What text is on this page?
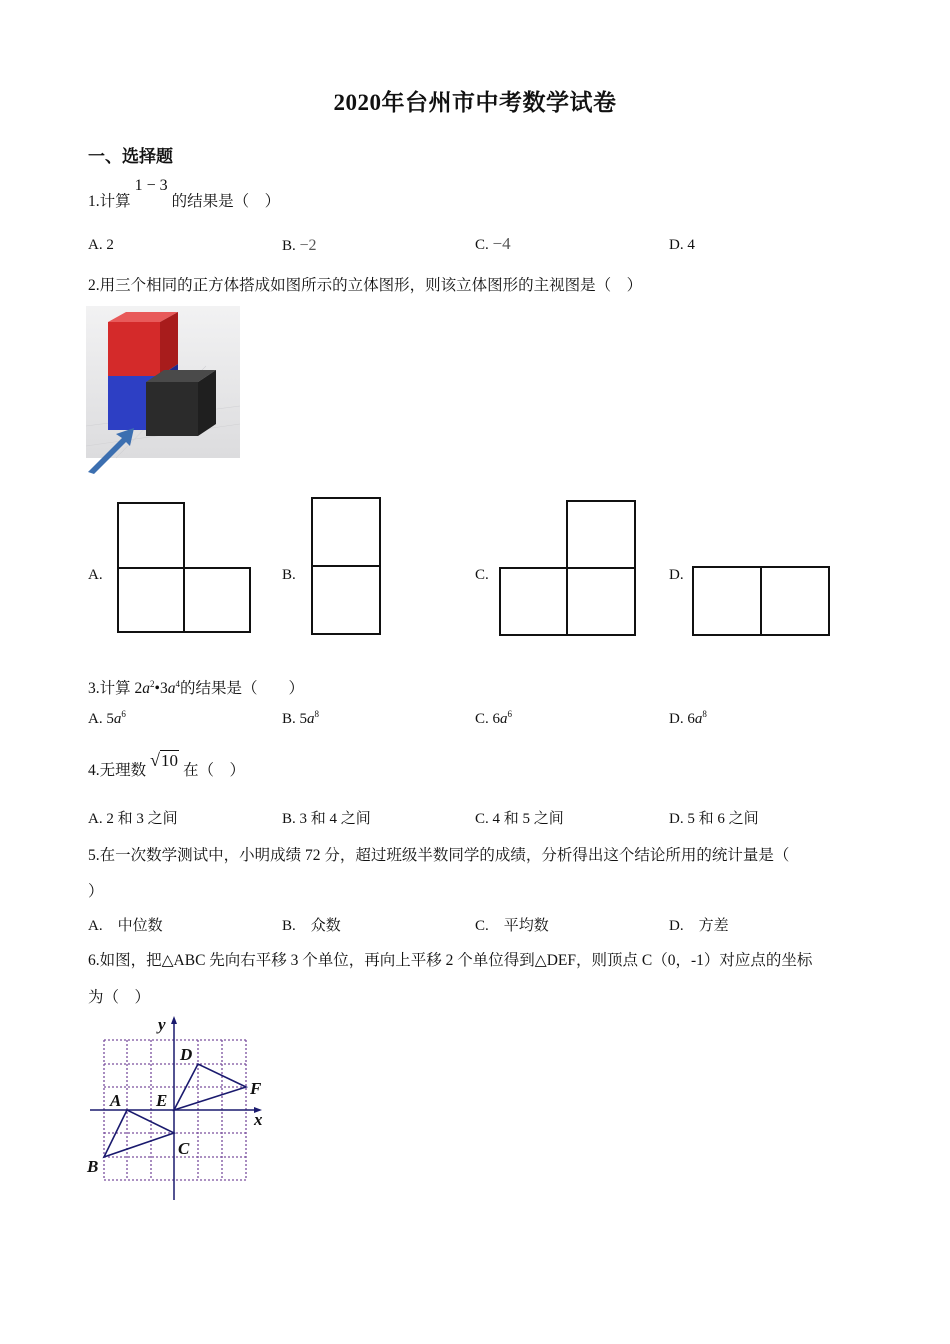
2020年台州市中考数学试卷
一、选择题
1.计算1 − 3的结果是（　）
A. 2	B. −2	C. −4	D. 4
2.用三个相同的正方体搭成如图所示的立体图形，则该立体图形的主视图是（　）
A.	B.	C.	D.
3.计算 $2a^2•3a^4$的结果是（　　）
A. $5a^6$	B. $5a^8$	C. $6a^6$	D. $6a^8$
4.无理数√10在（　）
A. 2 和 3 之间	B. 3 和 4 之间	C. 4 和 5 之间	D. 5 和 6 之间
5.在一次数学测试中，小明成绩 72 分，超过班级半数同学的成绩，分析得出这个结论所用的统计量是（
）
A.　中位数	B.　众数	C.　平均数	D.　方差
6.如图，把△ABC 先向右平移 3 个单位，再向上平移 2 个单位得到△DEF，则顶点 C（0，-1）对应点的坐标
为（　）
y
x
A
B
C
D
E
F
